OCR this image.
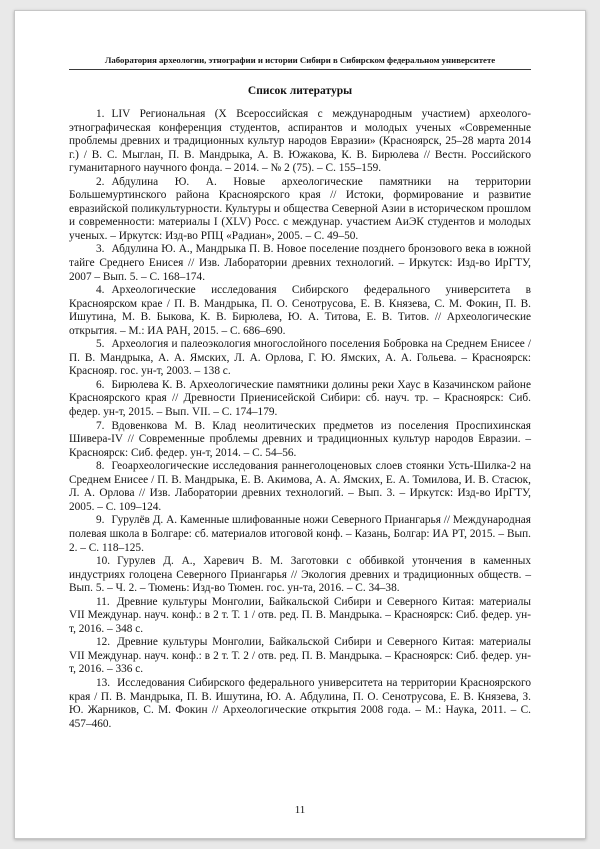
Лаборатория археологии, этнографии и истории Сибири в Сибирском федеральном университете
Список литературы

1. LIV Региональная (X Всероссийская с международным участием) археолого-этнографическая конференция студентов, аспирантов и молодых ученых «Современные проблемы древних и традиционных культур народов Евразии» (Красноярск, 25–28 марта 2014 г.) / В. С. Мыглан, П. В. Мандрыка, А. В. Южакова, К. В. Бирюлева // Вестн. Российского гуманитарного научного фонда. – 2014. – № 2 (75). – С. 155–159.

2. Абдулина Ю. А. Новые археологические памятники на территории Большемуртинского района Красноярского края // Истоки, формирование и развитие евразийской поликультурности. Культуры и общества Северной Азии в историческом прошлом и современности: материалы I (XLV) Росс. с междунар. участием АиЭК студентов и молодых ученых. – Иркутск: Изд-во РПЦ «Радиан», 2005. – С. 49–50.

3. Абдулина Ю. А., Мандрыка П. В. Новое поселение позднего бронзового века в южной тайге Среднего Енисея // Изв. Лаборатории древних технологий. – Иркутск: Изд-во ИрГТУ, 2007 – Вып. 5. – С. 168–174.

4. Археологические исследования Сибирского федерального университета в Красноярском крае / П. В. Мандрыка, П. О. Сенотрусова, Е. В. Князева, С. М. Фокин, П. В. Ишутина, М. В. Быкова, К. В. Бирюлева, Ю. А. Титова, Е. В. Титов. // Археологические открытия. – М.: ИА РАН, 2015. – С. 686–690.

5. Археология и палеоэкология многослойного поселения Бобровка на Среднем Енисее / П. В. Мандрыка, А. А. Ямских, Л. А. Орлова, Г. Ю. Ямских, А. А. Гольева. – Красноярск: Краснояр. гос. ун-т, 2003. – 138 с.

6. Бирюлева К. В. Археологические памятники долины реки Хаус в Казачинском районе Красноярского края // Древности Приенисейской Сибири: сб. науч. тр. – Красноярск: Сиб. федер. ун-т, 2015. – Вып. VII. – С. 174–179.

7. Вдовенкова М. В. Клад неолитических предметов из поселения Проспихинская Шивера-IV // Современные проблемы древних и традиционных культур народов Евразии. – Красноярск: Сиб. федер. ун-т, 2014. – С. 54–56.

8. Геоархеологические исследования раннеголоценовых слоев стоянки Усть-Шилка-2 на Среднем Енисее / П. В. Мандрыка, Е. В. Акимова, А. А. Ямских, Е. А. Томилова, И. В. Стасюк, Л. А. Орлова // Изв. Лаборатории древних технологий. – Вып. 3. – Иркутск: Изд-во ИрГТУ, 2005. – С. 109–124.

9. Гурулёв Д. А. Каменные шлифованные ножи Северного Приангарья // Международная полевая школа в Болгаре: сб. материалов итоговой конф. – Казань, Болгар: ИА РТ, 2015. – Вып. 2. – С. 118–125.

10. Гурулев Д. А., Харевич В. М. Заготовки с оббивкой утончения в каменных индустриях голоцена Северного Приангарья // Экология древних и традиционных обществ. – Вып. 5. – Ч. 2. – Тюмень: Изд-во Тюмен. гос. ун-та, 2016. – С. 34–38.

11. Древние культуры Монголии, Байкальской Сибири и Северного Китая: материалы VII Междунар. науч. конф.: в 2 т. Т. 1 / отв. ред. П. В. Мандрыка. – Красноярск: Сиб. федер. ун-т, 2016. – 348 с.

12. Древние культуры Монголии, Байкальской Сибири и Северного Китая: материалы VII Междунар. науч. конф.: в 2 т. Т. 2 / отв. ред. П. В. Мандрыка. – Красноярск: Сиб. федер. ун-т, 2016. – 336 с.

13. Исследования Сибирского федерального университета на территории Красноярского края / П. В. Мандрыка, П. В. Ишутина, Ю. А. Абдулина, П. О. Сенотрусова, Е. В. Князева, З. Ю. Жарников, С. М. Фокин // Археологические открытия 2008 года. – М.: Наука, 2011. – С. 457–460.

11
